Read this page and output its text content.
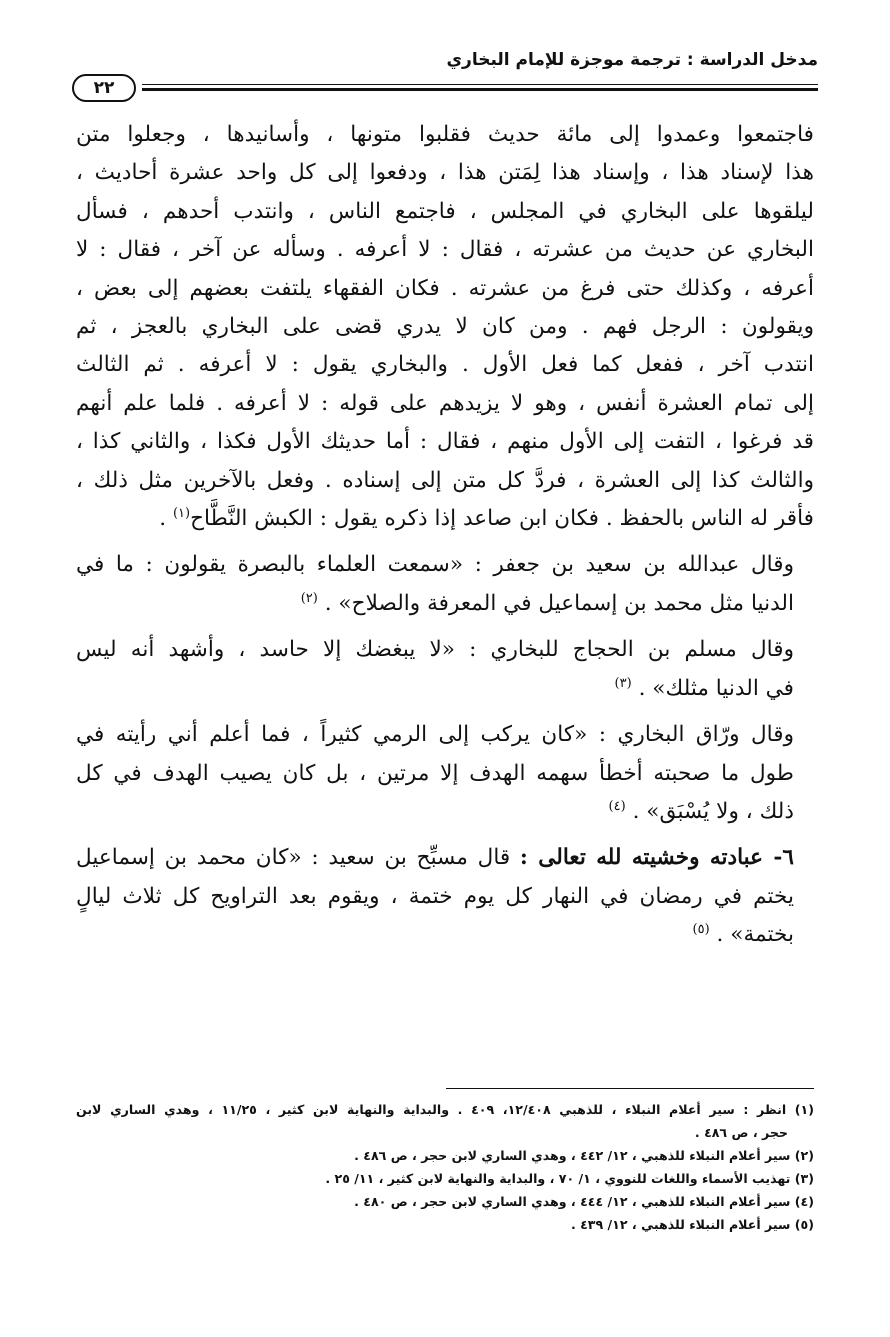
مدخل الدراسة : ترجمة موجزة للإمام البخاري
٢٢
فاجتمعوا وعمدوا إلى مائة حديث فقلبوا متونها ، وأسانيدها ، وجعلوا متن
هذا لإسناد هذا ، وإسناد هذا لِمَتن هذا ، ودفعوا إلى كل واحد عشرة أحاديث ،
ليلقوها على البخاري في المجلس ، فاجتمع الناس ، وانتدب أحدهم ، فسأل
البخاري عن حديث من عشرته ، فقال : لا أعرفه . وسأله عن آخر ، فقال : لا
أعرفه ، وكذلك حتى فرغ من عشرته . فكان الفقهاء يلتفت بعضهم إلى بعض ،
ويقولون : الرجل فهم . ومن كان لا يدري قضى على البخاري بالعجز ، ثم
انتدب آخر ، ففعل كما فعل الأول . والبخاري يقول : لا أعرفه . ثم الثالث
إلى تمام العشرة أنفس ، وهو لا يزيدهم على قوله : لا أعرفه . فلما علم أنهم
قد فرغوا ، التفت إلى الأول منهم ، فقال : أما حديثك الأول فكذا ، والثاني كذا ،
والثالث كذا إلى العشرة ، فردَّ كل متن إلى إسناده . وفعل بالآخرين مثل ذلك ،
فأقر له الناس بالحفظ . فكان ابن صاعد إذا ذكره يقول : الكبش النَّطَّاح$^{(١)}$ .
وقال عبدالله بن سعيد بن جعفر : «سمعت العلماء بالبصرة يقولون : ما في
الدنيا مثل محمد بن إسماعيل في المعرفة والصلاح» . $^{(٢)}$
وقال مسلم بن الحجاج للبخاري : «لا يبغضك إلا حاسد ، وأشهد أنه ليس
في الدنيا مثلك» . $^{(٣)}$
وقال ورّاق البخاري : «كان يركب إلى الرمي كثيراً ، فما أعلم أني رأيته في
طول ما صحبته أخطأ سهمه الهدف إلا مرتين ، بل كان يصيب الهدف في كل
ذلك ، ولا يُسْبَق» . $^{(٤)}$
٦- عبادته وخشيته لله تعالى : قال مسبِّح بن سعيد : «كان محمد بن إسماعيل
يختم في رمضان في النهار كل يوم ختمة ، ويقوم بعد التراويح كل ثلاث ليالٍ
بختمة» . $^{(٥)}$
(١) انظر : سير أعلام النبلاء ، للذهبي ١٢/٤٠٨، ٤٠٩ . والبداية والنهاية لابن كثير ، ١١/٢٥ ، وهدي الساري لابن
حجر ، ص ٤٨٦ .
(٢) سير أعلام النبلاء للذهبي ، ١٢/ ٤٤٢ ، وهدي الساري لابن حجر ، ص ٤٨٦ .
(٣) تهذيب الأسماء واللغات للنووي ، ١/ ٧٠ ، والبداية والنهاية لابن كثير ، ١١/ ٢٥ .
(٤) سير أعلام النبلاء للذهبي ، ١٢/ ٤٤٤ ، وهدي الساري لابن حجر ، ص ٤٨٠ .
(٥) سير أعلام النبلاء للذهبي ، ١٢/ ٤٣٩ .
